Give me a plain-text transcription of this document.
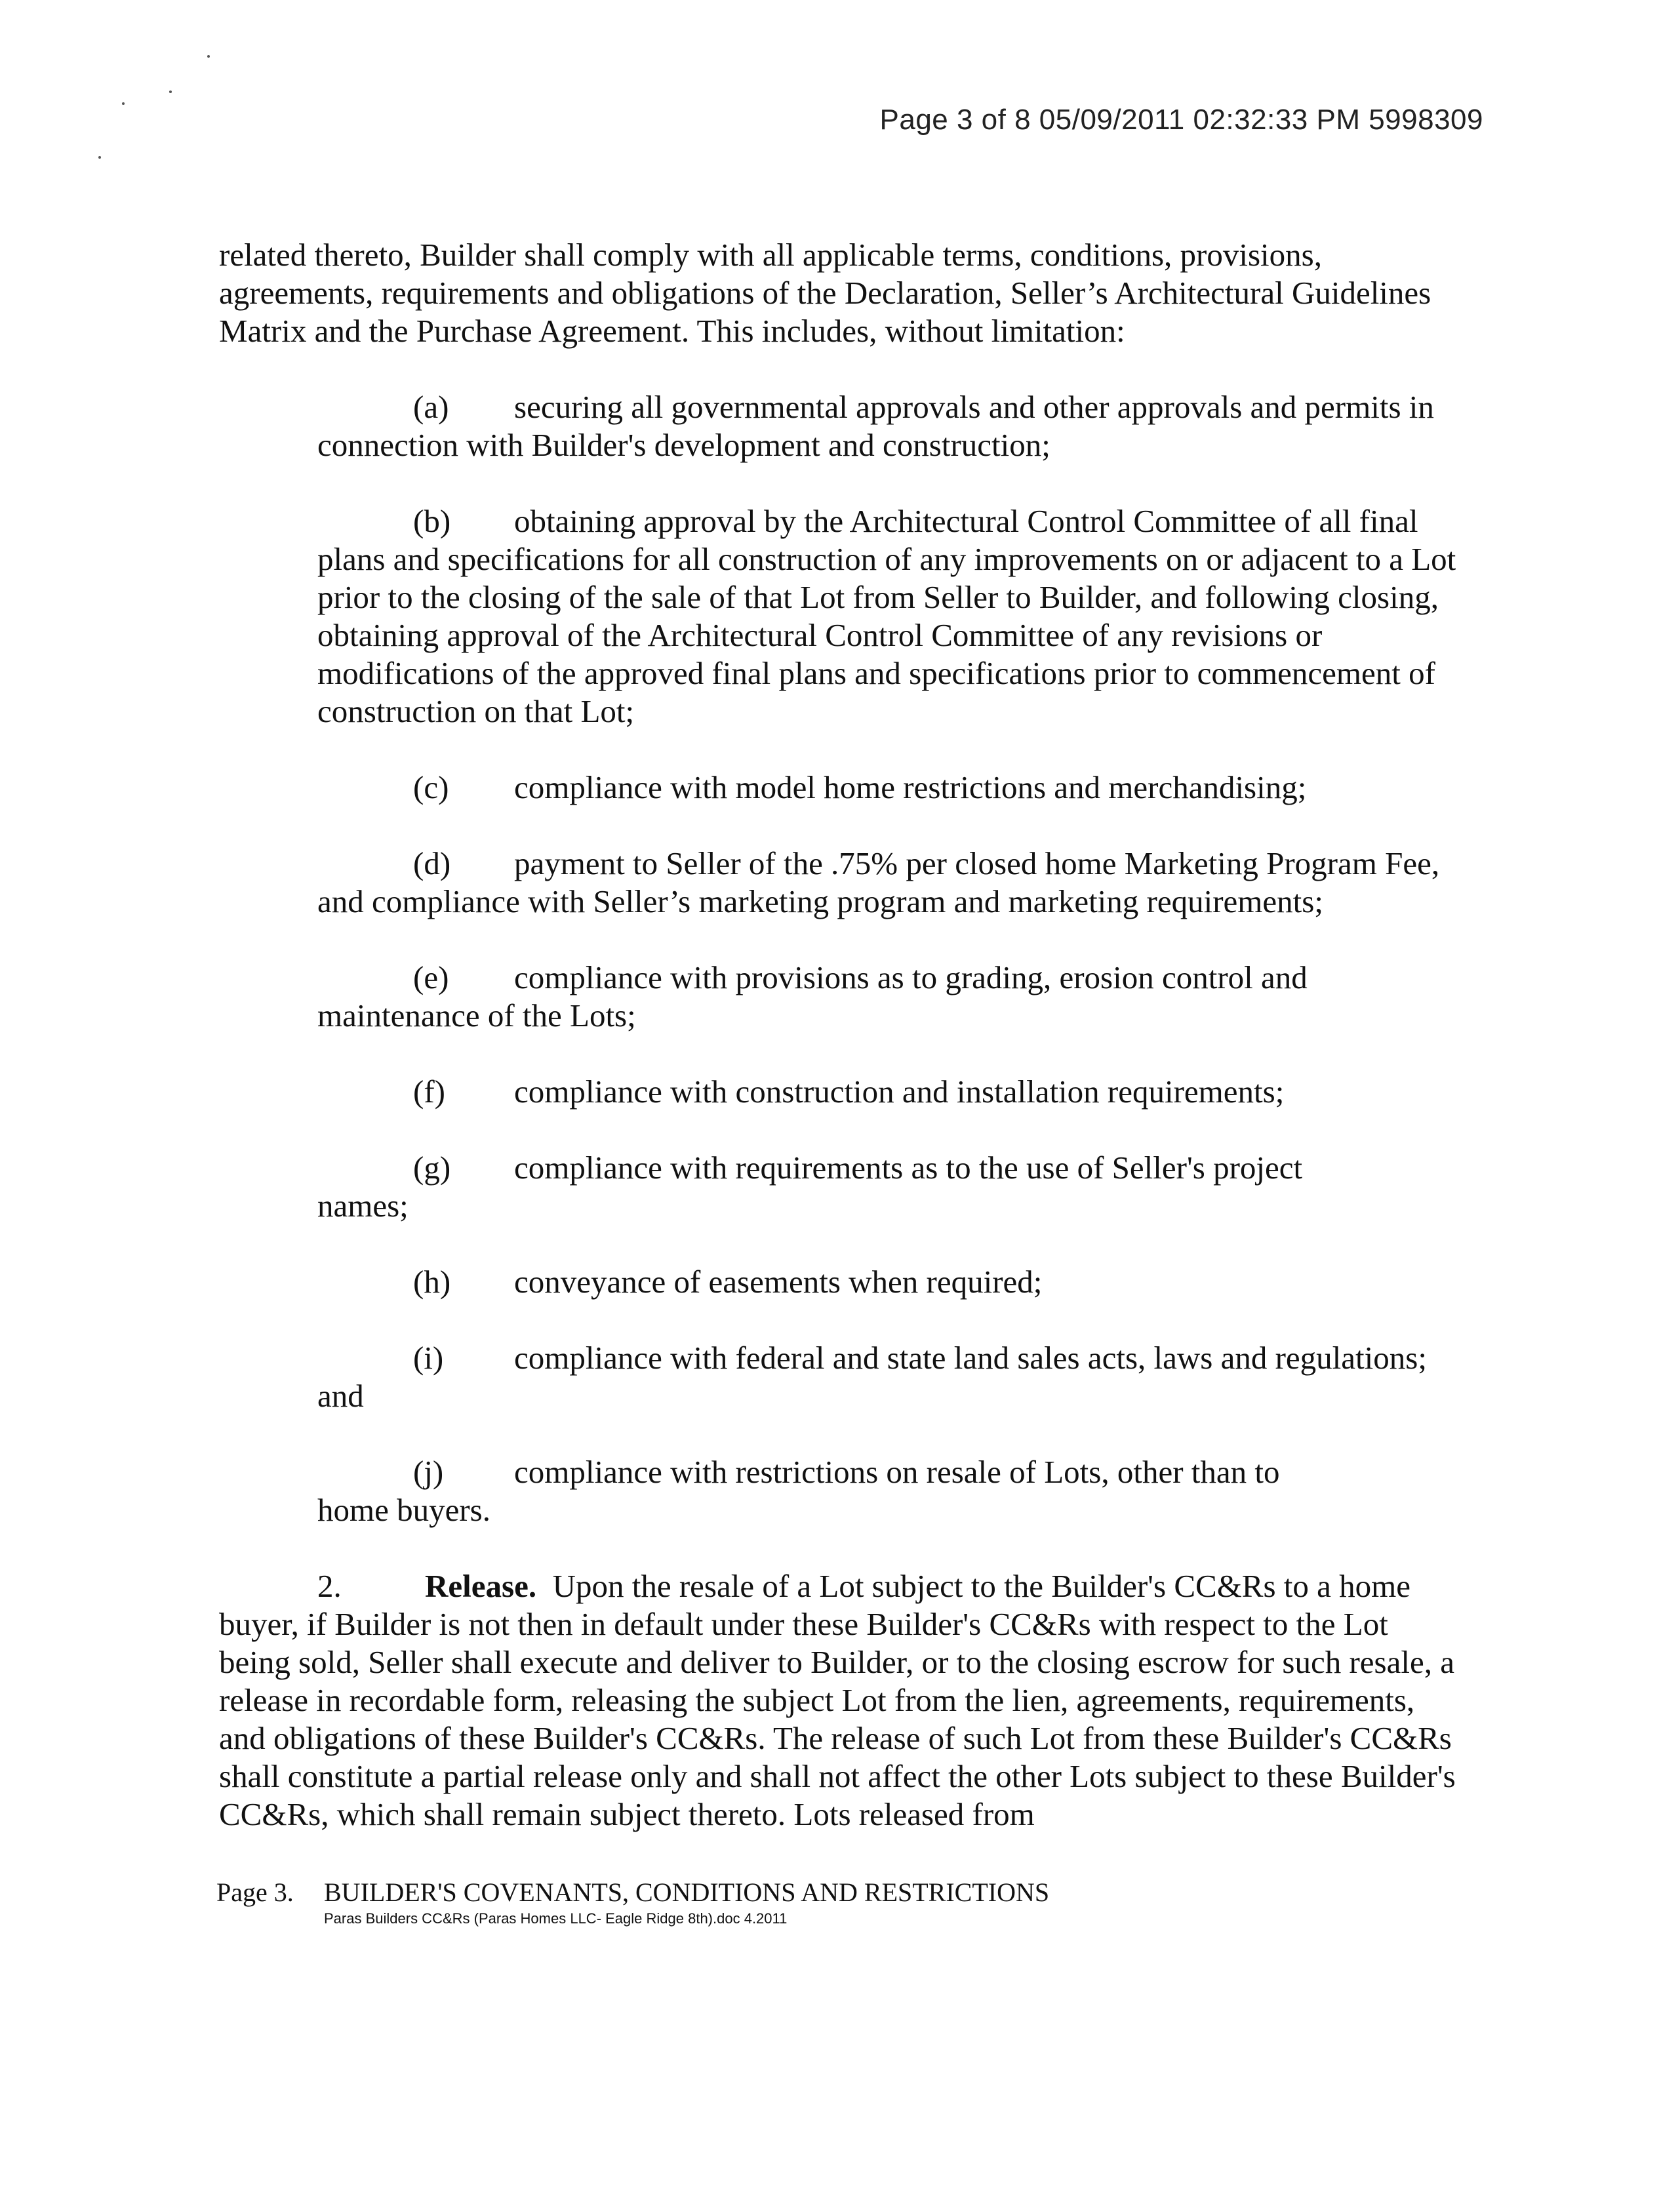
Page 3 of 8 05/09/2011 02:32:33 PM 5998309

related thereto, Builder shall comply with all applicable terms, conditions, provisions, agreements, requirements and obligations of the Declaration, Seller’s Architectural Guidelines Matrix and the Purchase Agreement. This includes, without limitation:

(a) securing all governmental approvals and other approvals and permits in connection with Builder's development and construction;

(b) obtaining approval by the Architectural Control Committee of all final plans and specifications for all construction of any improvements on or adjacent to a Lot prior to the closing of the sale of that Lot from Seller to Builder, and following closing, obtaining approval of the Architectural Control Committee of any revisions or modifications of the approved final plans and specifications prior to commencement of construction on that Lot;

(c) compliance with model home restrictions and merchandising;

(d) payment to Seller of the .75% per closed home Marketing Program Fee, and compliance with Seller’s marketing program and marketing requirements;

(e) compliance with provisions as to grading, erosion control and maintenance of the Lots;

(f) compliance with construction and installation requirements;

(g) compliance with requirements as to the use of Seller's project
names;

(h) conveyance of easements when required;

(i) compliance with federal and state land sales acts, laws and regulations;
and

(j) compliance with restrictions on resale of Lots, other than to
home buyers.

2.	Release. Upon the resale of a Lot subject to the Builder's CC&Rs to a home buyer, if Builder is not then in default under these Builder's CC&Rs with respect to the Lot being sold, Seller shall execute and deliver to Builder, or to the closing escrow for such resale, a release in recordable form, releasing the subject Lot from the lien, agreements, requirements, and obligations of these Builder's CC&Rs. The release of such Lot from these Builder's CC&Rs shall constitute a partial release only and shall not affect the other Lots subject to these Builder's CC&Rs, which shall remain subject thereto. Lots released from

Page 3. BUILDER'S COVENANTS, CONDITIONS AND RESTRICTIONS
Paras Builders CC&Rs (Paras Homes LLC- Eagle Ridge 8th).doc 4.2011
